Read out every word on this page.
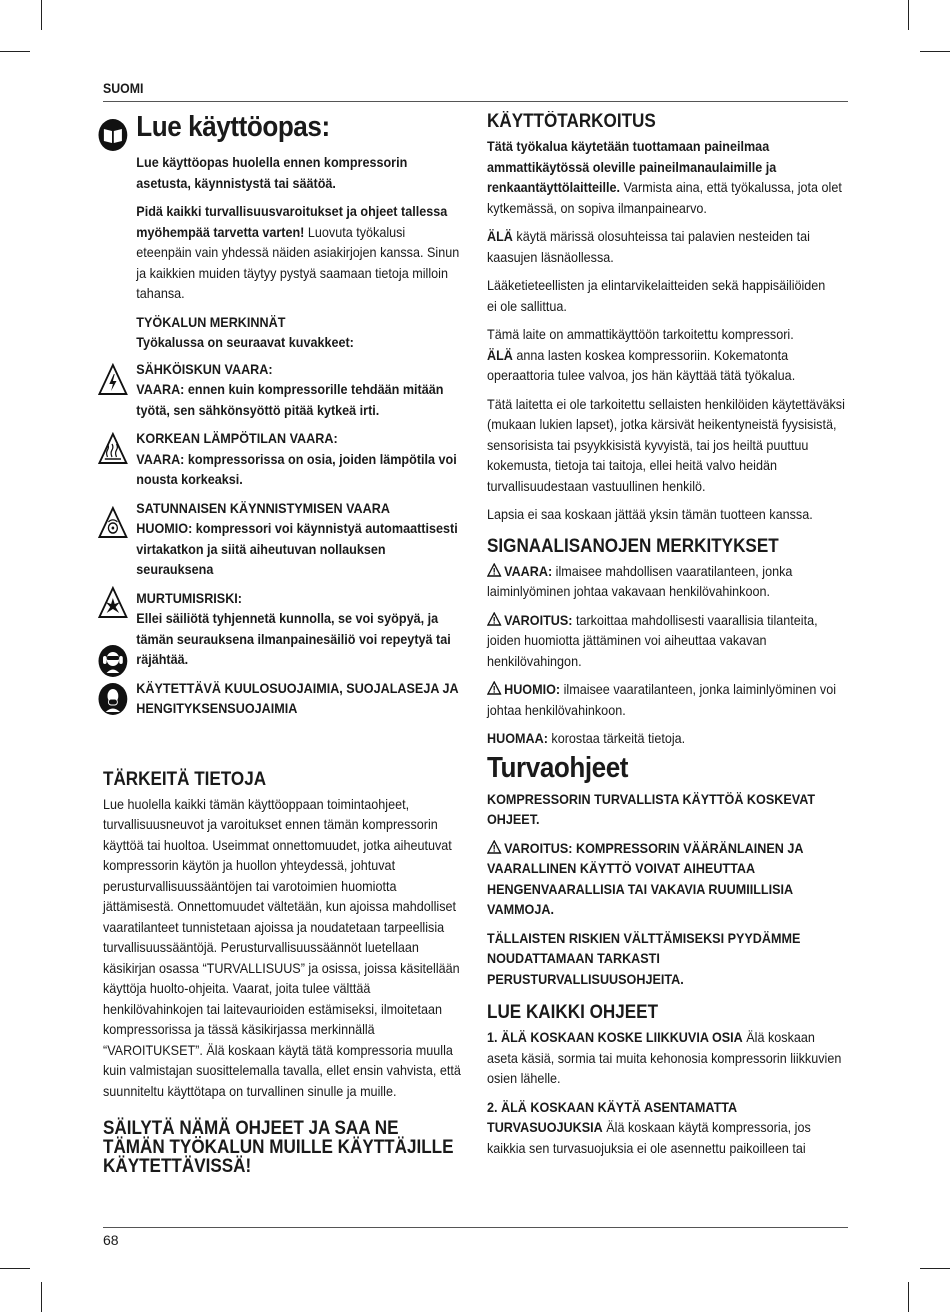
SUOMI
68
Lue käyttöopas:

Lue käyttöopas huolella ennen kompressorin asetusta, käynnistystä tai säätöä.

Pidä kaikki turvallisuusvaroitukset ja ohjeet tallessa myöhempää tarvetta varten! Luovuta työkalusi eteenpäin vain yhdessä näiden asiakirjojen kanssa. Sinun ja kaikkien muiden täytyy pystyä saamaan tietoja milloin tahansa.

TYÖKALUN MERKINNÄT
Työkalussa on seuraavat kuvakkeet:

SÄHKÖISKUN VAARA:
VAARA: ennen kuin kompressorille tehdään mitään työtä, sen sähkönsyöttö pitää kytkeä irti.
KORKEAN LÄMPÖTILAN VAARA:
VAARA: kompressorissa on osia, joiden lämpötila voi nousta korkeaksi.
SATUNNAISEN KÄYNNISTYMISEN VAARA
HUOMIO: kompressori voi käynnistyä automaattisesti virtakatkon ja siitä aiheutuvan nollauksen seurauksena
MURTUMISRISKI:
Ellei säiliötä tyhjennetä kunnolla, se voi syöpyä, ja tämän seurauksena ilmanpainesäiliö voi repeytyä tai räjähtää.
KÄYTETTÄVÄ KUULOSUOJAIMIA, SUOJALASEJA JA HENGITYKSENSUOJAIMIA
TÄRKEITÄ TIETOJA

Lue huolella kaikki tämän käyttöoppaan toimintaohjeet, turvallisuusneuvot ja varoitukset ennen tämän kompressorin käyttöä tai huoltoa. Useimmat onnettomuudet, jotka aiheutuvat kompressorin käytön ja huollon yhteydessä, johtuvat perusturvallisuussääntöjen tai varotoimien huomiotta jättämisestä. Onnettomuudet vältetään, kun ajoissa mahdolliset vaaratilanteet tunnistetaan ajoissa ja noudatetaan tarpeellisia turvallisuussääntöjä. Perusturvallisuussäännöt luetellaan käsikirjan osassa “TURVALLISUUS” ja osissa, joissa käsitellään käyttöja huolto-ohjeita. Vaarat, joita tulee välttää henkilövahinkojen tai laitevaurioiden estämiseksi, ilmoitetaan kompressorissa ja tässä käsikirjassa merkinnällä “VAROITUKSET”. Älä koskaan käytä tätä kompressoria muulla kuin valmistajan suosittelemalla tavalla, ellet ensin vahvista, että suunniteltu käyttötapa on turvallinen sinulle ja muille.

SÄILYTÄ NÄMÄ OHJEET JA SAA NE TÄMÄN TYÖKALUN MUILLE KÄYTTÄJILLE KÄYTETTÄVISSÄ!
KÄYTTÖTARKOITUS

Tätä työkalua käytetään tuottamaan paineilmaa ammattikäytössä oleville paineilmanaulaimille ja renkaantäyttölaitteille. Varmista aina, että työkalussa, jota olet kytkemässä, on sopiva ilmanpainearvo.

ÄLÄ käytä märissä olosuhteissa tai palavien nesteiden tai kaasujen läsnäollessa.

Lääketieteellisten ja elintarvikelaitteiden sekä happisäiliöiden
ei ole sallittua.

Tämä laite on ammattikäyttöön tarkoitettu kompressori.
ÄLÄ anna lasten koskea kompressoriin. Kokematonta operaattoria tulee valvoa, jos hän käyttää tätä työkalua.

Tätä laitetta ei ole tarkoitettu sellaisten henkilöiden käytettäväksi (mukaan lukien lapset), jotka kärsivät heikentyneistä fyysisistä, sensorisista tai psyykkisistä kyvyistä, tai jos heiltä puuttuu kokemusta, tietoja tai taitoja, ellei heitä valvo heidän turvallisuudestaan vastuullinen henkilö.

Lapsia ei saa koskaan jättää yksin tämän tuotteen kanssa.

SIGNAALISANOJEN MERKITYKSET

VAARA: ilmaisee mahdollisen vaaratilanteen, jonka laiminlyöminen johtaa vakavaan henkilövahinkoon.

VAROITUS: tarkoittaa mahdollisesti vaarallisia tilanteita, joiden huomiotta jättäminen voi aiheuttaa vakavan henkilövahingon.

HUOMIO: ilmaisee vaaratilanteen, jonka laiminlyöminen voi johtaa henkilövahinkoon.

HUOMAA: korostaa tärkeitä tietoja.

Turvaohjeet

KOMPRESSORIN TURVALLISTA KÄYTTÖÄ KOSKEVAT OHJEET.

VAROITUS: KOMPRESSORIN VÄÄRÄNLAINEN JA VAARALLINEN KÄYTTÖ VOIVAT AIHEUTTAA HENGENVAARALLISIA TAI VAKAVIA RUUMIILLISIA VAMMOJA.

TÄLLAISTEN RISKIEN VÄLTTÄMISEKSI PYYDÄMME NOUDATTAMAAN TARKASTI PERUSTURVALLISUUSOHJEITA.

LUE KAIKKI OHJEET

1. ÄLÄ KOSKAAN KOSKE LIIKKUVIA OSIA Älä koskaan aseta käsiä, sormia tai muita kehonosia kompressorin liikkuvien osien lähelle.

2. ÄLÄ KOSKAAN KÄYTÄ ASENTAMATTA TURVASUOJUKSIA Älä koskaan käytä kompressoria, jos kaikkia sen turvasuojuksia ei ole asennettu paikoilleen tai
